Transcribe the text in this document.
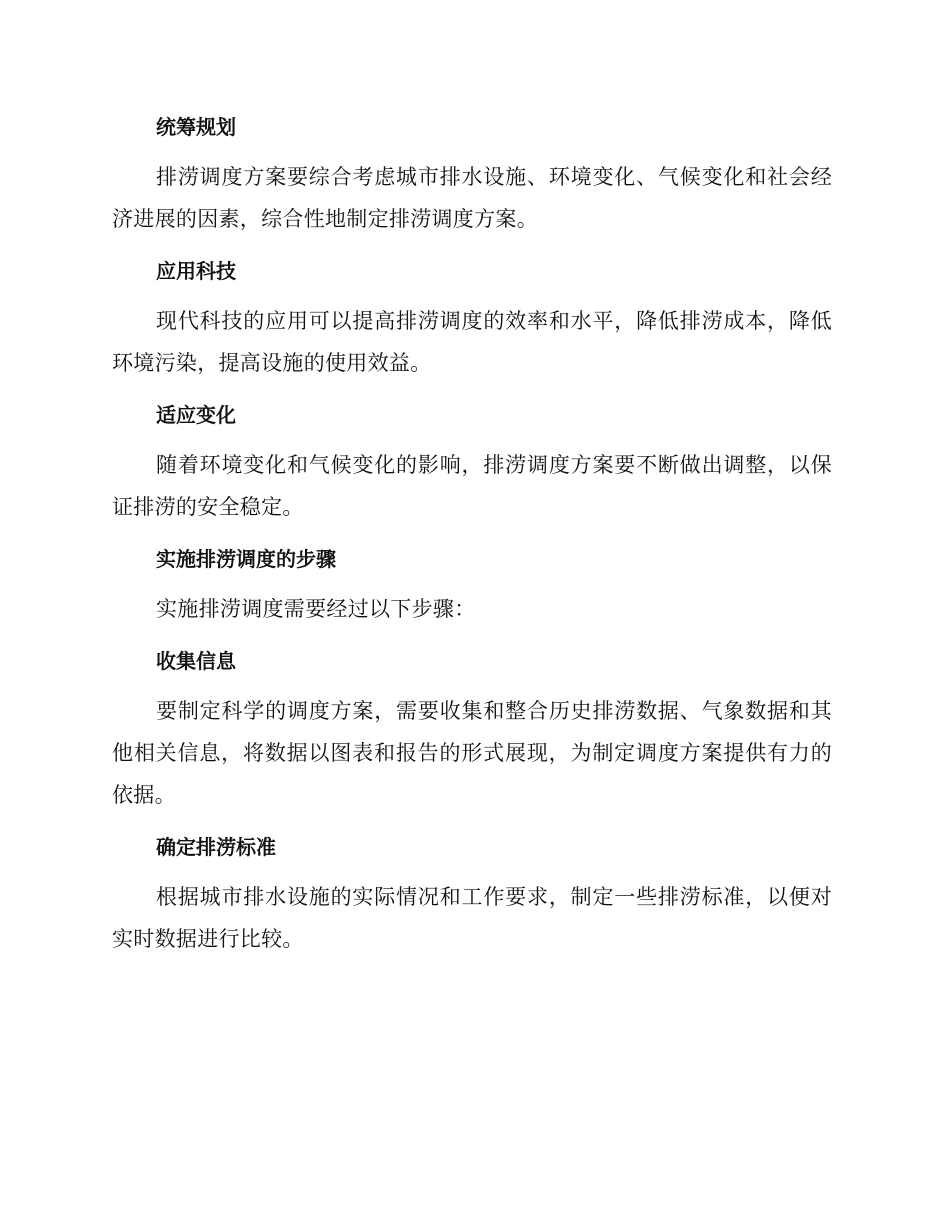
统筹规划
排涝调度方案要综合考虑城市排水设施、环境变化、气候变化和社会经济进展的因素，综合性地制定排涝调度方案。
应用科技
现代科技的应用可以提高排涝调度的效率和水平，降低排涝成本，降低环境污染，提高设施的使用效益。
适应变化
随着环境变化和气候变化的影响，排涝调度方案要不断做出调整，以保证排涝的安全稳定。
实施排涝调度的步骤
实施排涝调度需要经过以下步骤：
收集信息
要制定科学的调度方案，需要收集和整合历史排涝数据、气象数据和其他相关信息，将数据以图表和报告的形式展现，为制定调度方案提供有力的依据。
确定排涝标准
根据城市排水设施的实际情况和工作要求，制定一些排涝标准，以便对实时数据进行比较。
